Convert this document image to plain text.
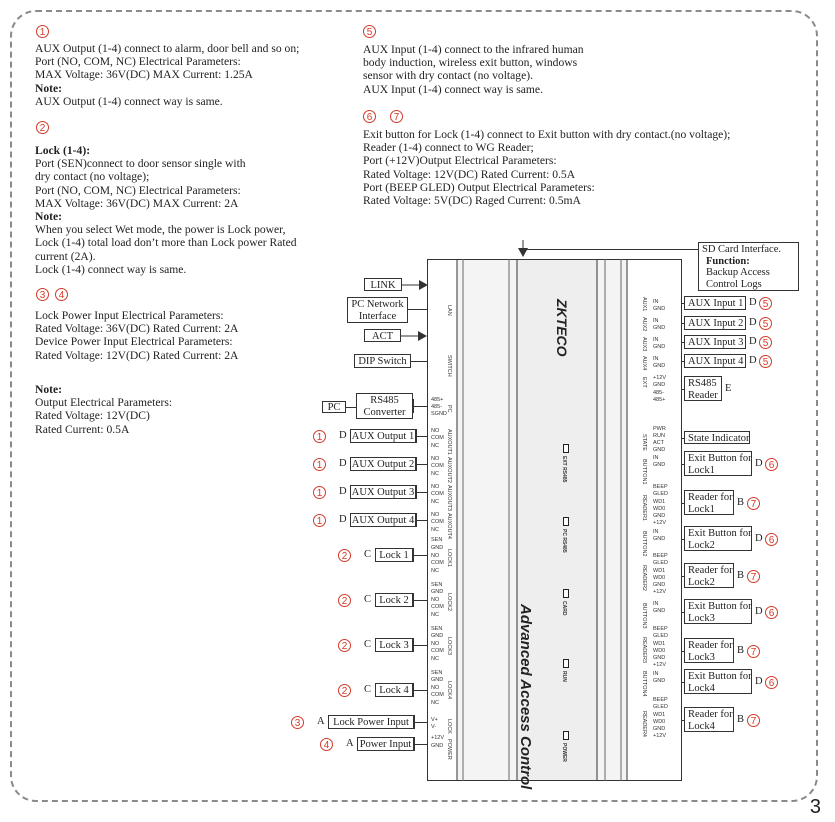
1
AUX Output (1-4) connect to alarm, door bell and so on;
Port (NO, COM, NC) Electrical Parameters:
MAX Voltage: 36V(DC) MAX Current: 1.25A
Note:
AUX Output (1-4) connect way is same.
2
Lock (1-4):
Port (SEN)connect to door sensor single with
dry contact (no voltage);
Port (NO, COM, NC) Electrical Parameters:
MAX Voltage: 36V(DC) MAX Current: 2A
Note:
When you select Wet mode, the power is Lock power,
Lock (1-4) total load don’t more than Lock power Rated
current (2A).
Lock (1-4) connect way is same.
3	4
Lock Power Input Electrical Parameters:
Rated Voltage: 36V(DC) Rated Current: 2A
Device Power Input Electrical Parameters:
Rated Voltage: 12V(DC) Rated Current: 2A
Note:
Output Electrical Parameters:
Rated Voltage: 12V(DC)
Rated Current: 0.5A
5
AUX Input (1-4) connect to the infrared human
body induction, wireless exit button, windows
sensor with dry contact (no voltage).
AUX Input (1-4) connect way is same.
6	7
Exit button for Lock (1-4) connect to Exit button with dry contact.(no voltage);
Reader (1-4) connect to WG Reader;
Port (+12V)Output Electrical Parameters:
Rated Voltage: 12V(DC) Rated Current: 0.5A
Port (BEEP GLED) Output Electrical Parameters:
Rated Voltage: 5V(DC) Raged Current: 0.5mA
SD Card Interface.
Function:
Backup Access
Control Logs
ZKTECO
Advanced Access Control
EXT RS485
PC RS485
CARD
RUN
POWER
LAN
SWITCH
PC
AUXOUT1
AUXOUT2
AUXOUT3
AUXOUT4
LOCK1
LOCK2
LOCK3
LOCK4
LOCK
POWER
485+
485-
SGND
NO
COM
NC
NO
COM
NC
NO
COM
NC
NO
COM
NC
SEN
GND
NO
COM
NC
SEN
GND
NO
COM
NC
SEN
GND
NO
COM
NC
SEN
GND
NO
COM
NC
V+
V-
+12V
GND
AUX1
AUX2
AUX3
AUX4
EXT
STATE
BUTTON1
READER1
BUTTON2
READER2
BUTTON3
READER3
BUTTON4
READER4
IN
GND
IN
GND
IN
GND
IN
GND
+12V
GND
485-
485+
PWR
RUN
ACT
GND
IN
GND
BEEP
GLED
WD1
WD0
GND
+12V
IN
GND
BEEP
GLED
WD1
WD0
GND
+12V
IN
GND
BEEP
GLED
WD1
WD0
GND
+12V
IN
GND
BEEP
GLED
WD1
WD0
GND
+12V
LINK
PC Network
Interface
ACT
DIP Switch
PC
RS485
Converter
1	D AUX Output 1
1	D AUX Output 2
1	D AUX Output 3
1	D AUX Output 4
2	C Lock 1
2	C Lock 2
2	C Lock 3
2	C Lock 4
3	A Lock Power Input
4	A Power Input
AUX Input 1 D 5
AUX Input 2 D 5
AUX Input 3 D 5
AUX Input 4 D 5
RS485
Reader
E
State Indicator
Exit Button for
Lock1
D 6
Exit Button for
Lock2
D 6
Exit Button for
Lock3
D 6
Exit Button for
Lock4
D 6
Reader for
Lock1
B 7
Reader for
Lock2
B 7
Reader for
Lock3
B 7
Reader for
Lock4
B 7
3
